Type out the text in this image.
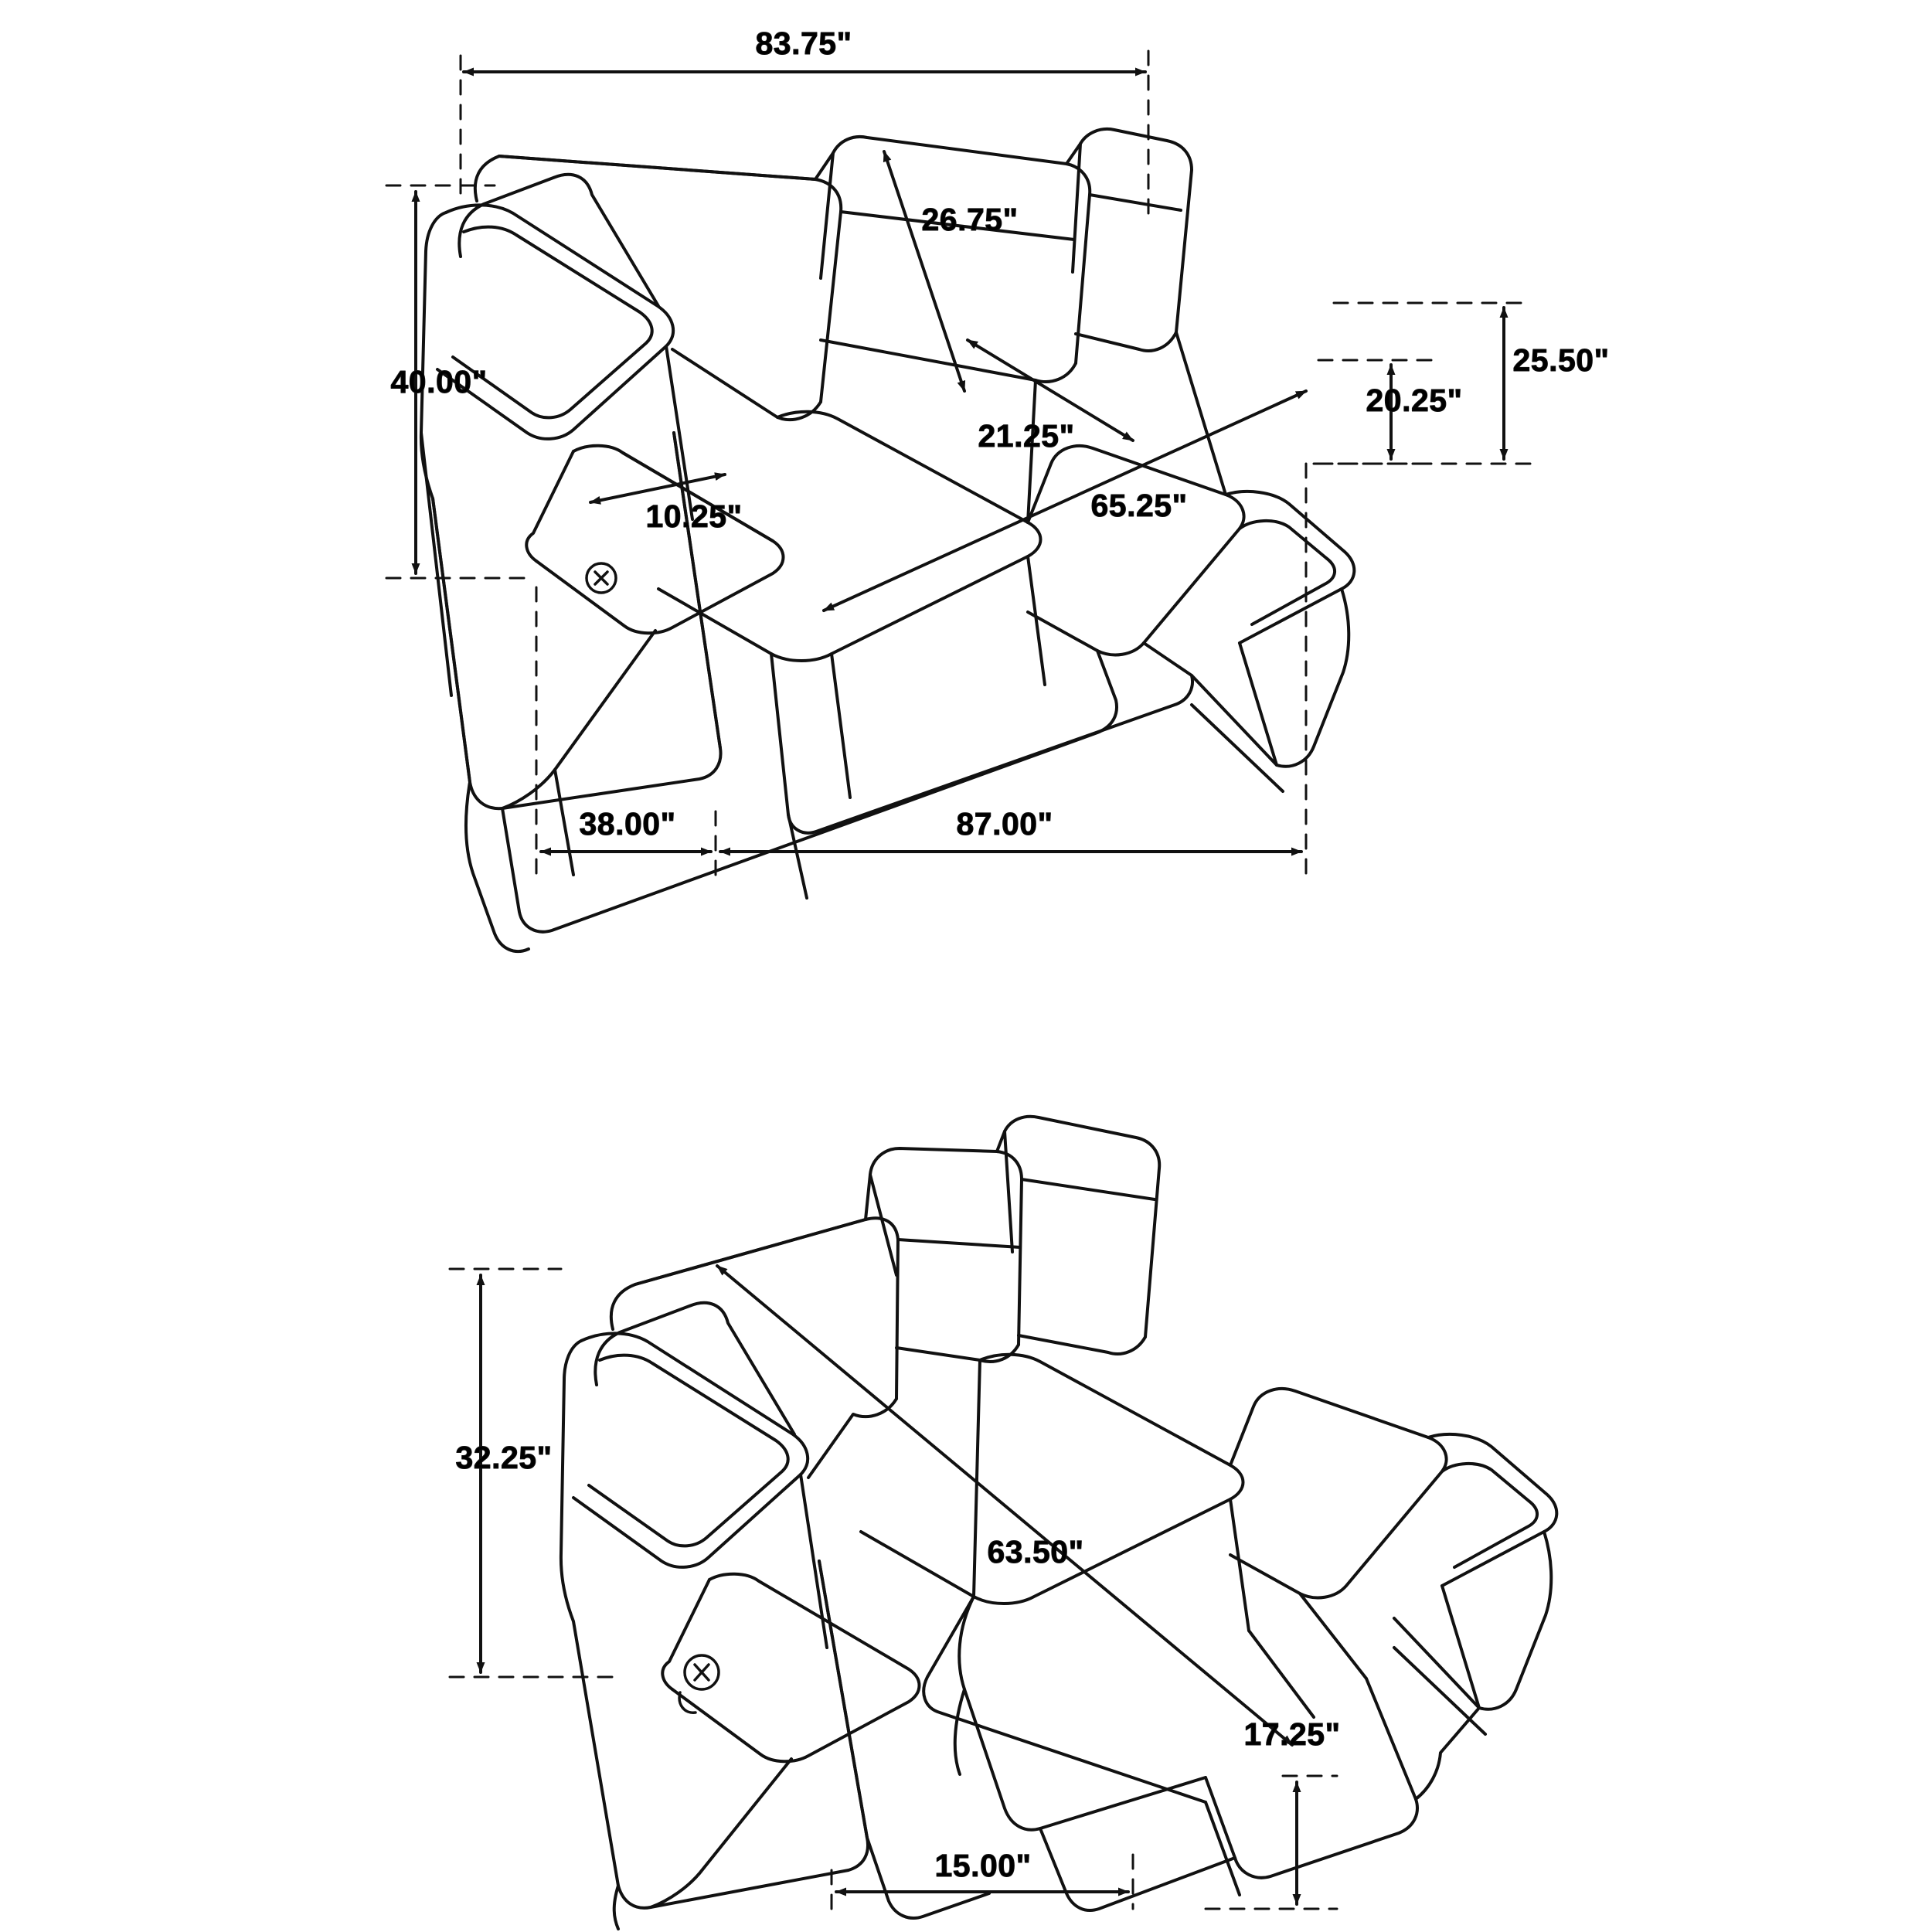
83.75"
40.00"
26.75"
21.25"
10.25"	65.25"
25.50"
20.25"
38.00"	87.00"
32.25"
63.50"
17.25"
15.00"
